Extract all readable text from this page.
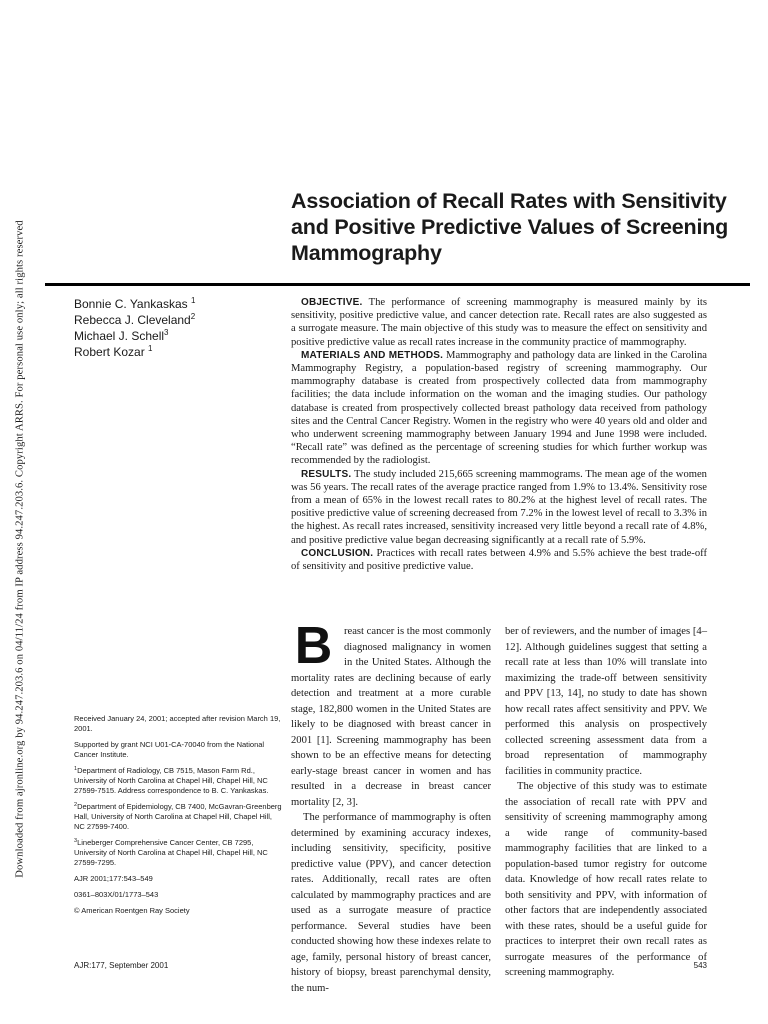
Downloaded from ajronline.org by 94.247.203.6 on 04/11/24 from IP address 94.247.203.6. Copyright ARRS. For personal use only; all rights reserved
Association of Recall Rates with Sensitivity and Positive Predictive Values of Screening Mammography
Bonnie C. Yankaskas $^1$
Rebecca J. Cleveland$^2$
Michael J. Schell$^3$
Robert Kozar $^1$

OBJECTIVE. The performance of screening mammography is measured mainly by its sensitivity, positive predictive value, and cancer detection rate. Recall rates are also suggested as a surrogate measure. The main objective of this study was to measure the effect on sensitivity and positive predictive value as recall rates increase in the community practice of mammography.

MATERIALS AND METHODS. Mammography and pathology data are linked in the Carolina Mammography Registry, a population-based registry of screening mammography. Our mammography database is created from prospectively collected data from mammography facilities; the data include information on the woman and the imaging studies. Our pathology database is created from prospectively collected breast pathology data received from pathology sites and the Central Cancer Registry. Women in the registry who were 40 years old and older and who underwent screening mammography between January 1994 and June 1998 were included. “Recall rate” was defined as the percentage of screening studies for which further workup was recommended by the radiologist.

RESULTS. The study included 215,665 screening mammograms. The mean age of the women was 56 years. The recall rates of the average practice ranged from 1.9% to 13.4%. Sensitivity rose from a mean of 65% in the lowest recall rates to 80.2% at the highest level of recall rates. The positive predictive value of screening decreased from 7.2% in the lowest level of recall to 3.3% in the highest. As recall rates increased, sensitivity increased very little beyond a recall rate of 4.8%, and positive predictive value began decreasing significantly at a recall rate of 5.9%.

CONCLUSION. Practices with recall rates between 4.9% and 5.5% achieve the best trade-off of sensitivity and positive predictive value.

B	reast cancer is the most commonly diagnosed malignancy in women in the United States. Although the mortality rates are declining because of early detection and treatment at a more curable stage, 182,800 women in the United States are likely to be diagnosed with breast cancer in 2001 [1]. Screening mammography has been shown to be an effective means for detecting early-stage breast cancer in women and has resulted in a decrease in breast cancer mortality [2, 3].

The performance of mammography is often determined by examining accuracy indexes, including sensitivity, specificity, positive predictive value (PPV), and cancer detection rates. Additionally, recall rates are often calculated by mammography practices and are used as a surrogate measure of practice performance. Several studies have been conducted showing how these indexes relate to age, family, personal history of breast cancer, history of biopsy, breast parenchymal density, the num-

ber of reviewers, and the number of images [4–12]. Although guidelines suggest that setting a recall rate at less than 10% will translate into maximizing the trade-off between sensitivity and PPV [13, 14], no study to date has shown how recall rates affect sensitivity and PPV. We performed this analysis on prospectively collected screening assessment data from a broad representation of mammography facilities in community practice.

The objective of this study was to estimate the association of recall rate with PPV and sensitivity of screening mammography among a wide range of community-based mammography facilities that are linked to a population-based tumor registry for outcome data. Knowledge of how recall rates relate to both sensitivity and PPV, with information of other factors that are independently associated with these rates, should be a useful guide for practices to interpret their own recall rates as surrogate measures of the performance of screening mammography.

Received January 24, 2001; accepted after revision March 19, 2001.

Supported by grant NCI U01-CA-70040 from the National Cancer Institute.

$^1$Department of Radiology, CB 7515, Mason Farm Rd., University of North Carolina at Chapel Hill, Chapel Hill, NC 27599-7515. Address correspondence to B. C. Yankaskas.

$^2$Department of Epidemiology, CB 7400, McGavran-Greenberg Hall, University of North Carolina at Chapel Hill, Chapel Hill, NC 27599-7400.

$^3$Lineberger Comprehensive Cancer Center, CB 7295, University of North Carolina at Chapel Hill, Chapel Hill, NC 27599-7295.

AJR 2001;177:543–549

0361–803X/01/1773–543

© American Roentgen Ray Society

AJR:177, September 2001	543
